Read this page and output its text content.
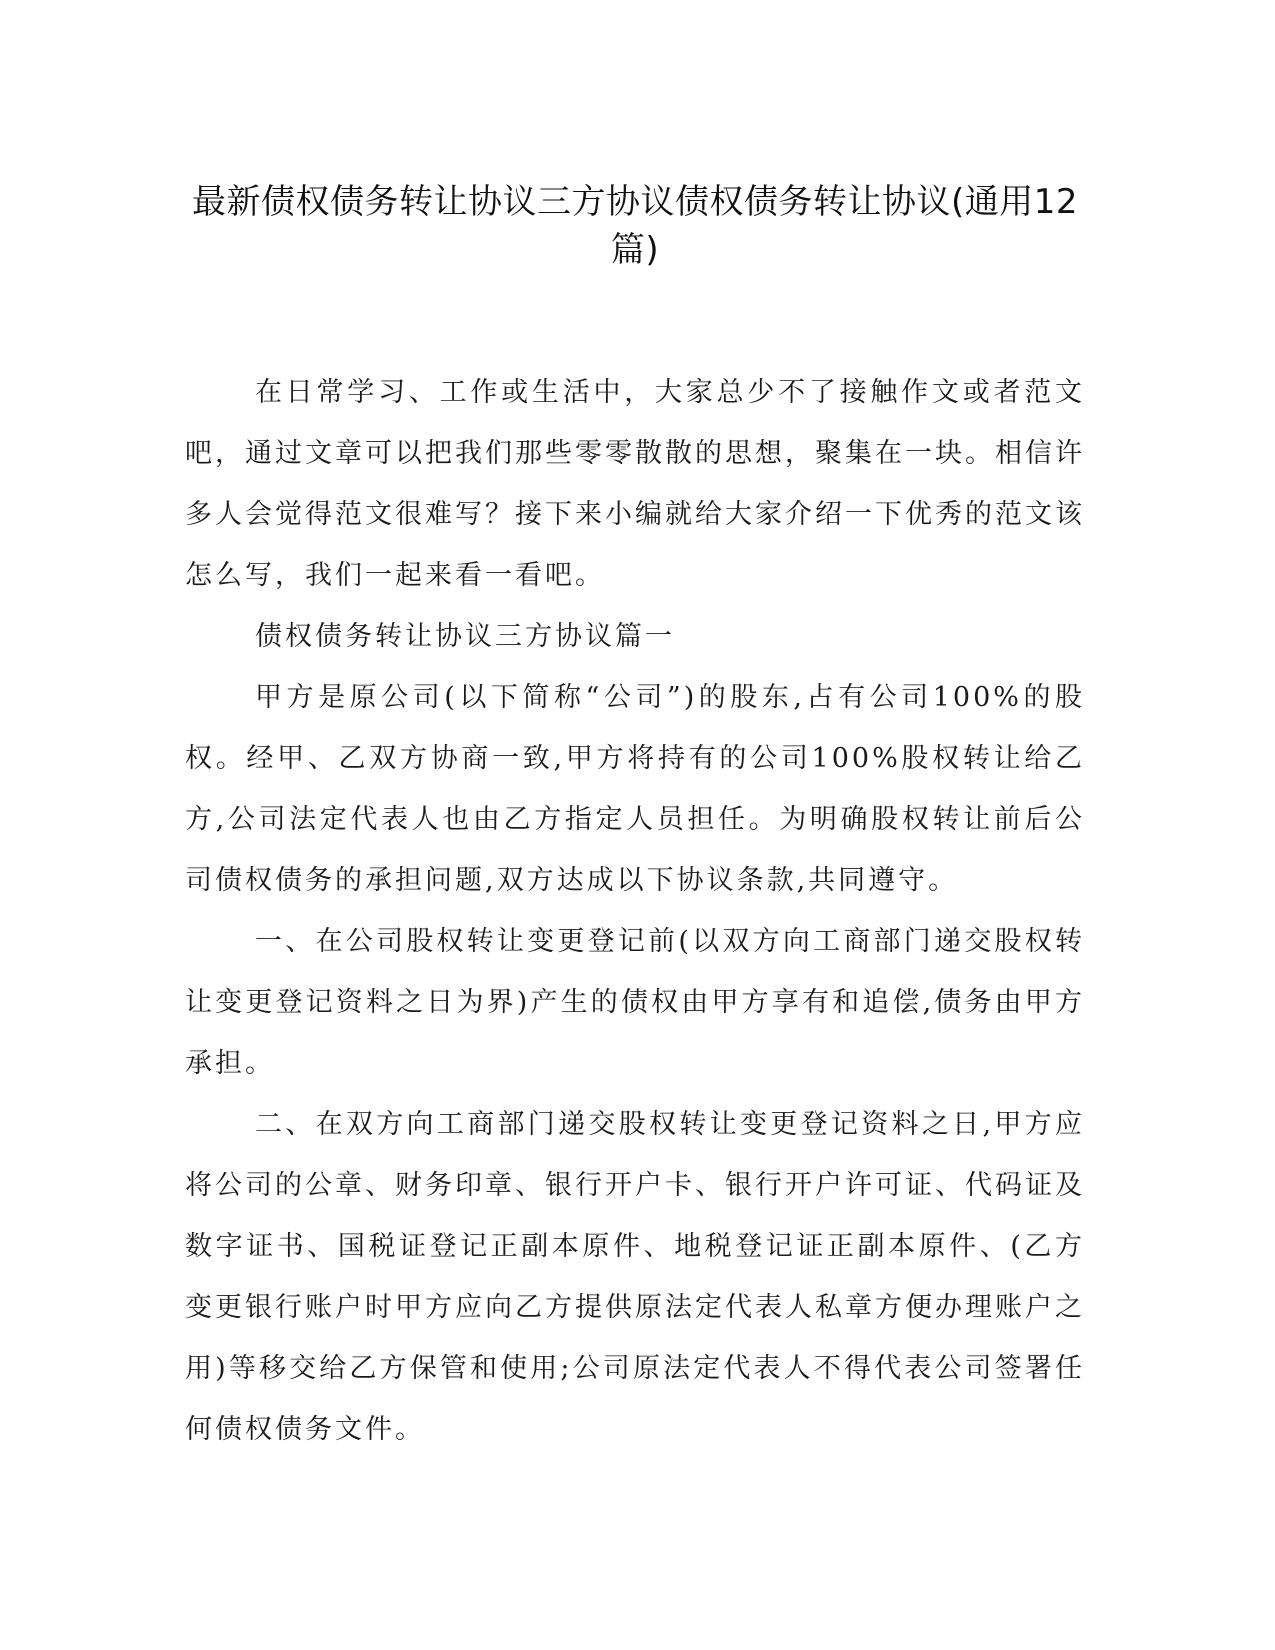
最新债权债务转让协议三方协议债权债务转让协议(通用12篇)

在日常学习、工作或生活中，大家总少不了接触作文或者范文吧，通过文章可以把我们那些零零散散的思想，聚集在一块。相信许多人会觉得范文很难写？接下来小编就给大家介绍一下优秀的范文该怎么写，我们一起来看一看吧。

债权债务转让协议三方协议篇一

甲方是原公司(以下简称“公司”)的股东,占有公司100%的股权。经甲、乙双方协商一致,甲方将持有的公司100%股权转让给乙方,公司法定代表人也由乙方指定人员担任。为明确股权转让前后公司债权债务的承担问题,双方达成以下协议条款,共同遵守。

一、在公司股权转让变更登记前(以双方向工商部门递交股权转让变更登记资料之日为界)产生的债权由甲方享有和追偿,债务由甲方承担。

二、在双方向工商部门递交股权转让变更登记资料之日,甲方应将公司的公章、财务印章、银行开户卡、银行开户许可证、代码证及数字证书、国税证登记正副本原件、地税登记证正副本原件、(乙方变更银行账户时甲方应向乙方提供原法定代表人私章方便办理账户之用)等移交给乙方保管和使用;公司原法定代表人不得代表公司签署任何债权债务文件。
